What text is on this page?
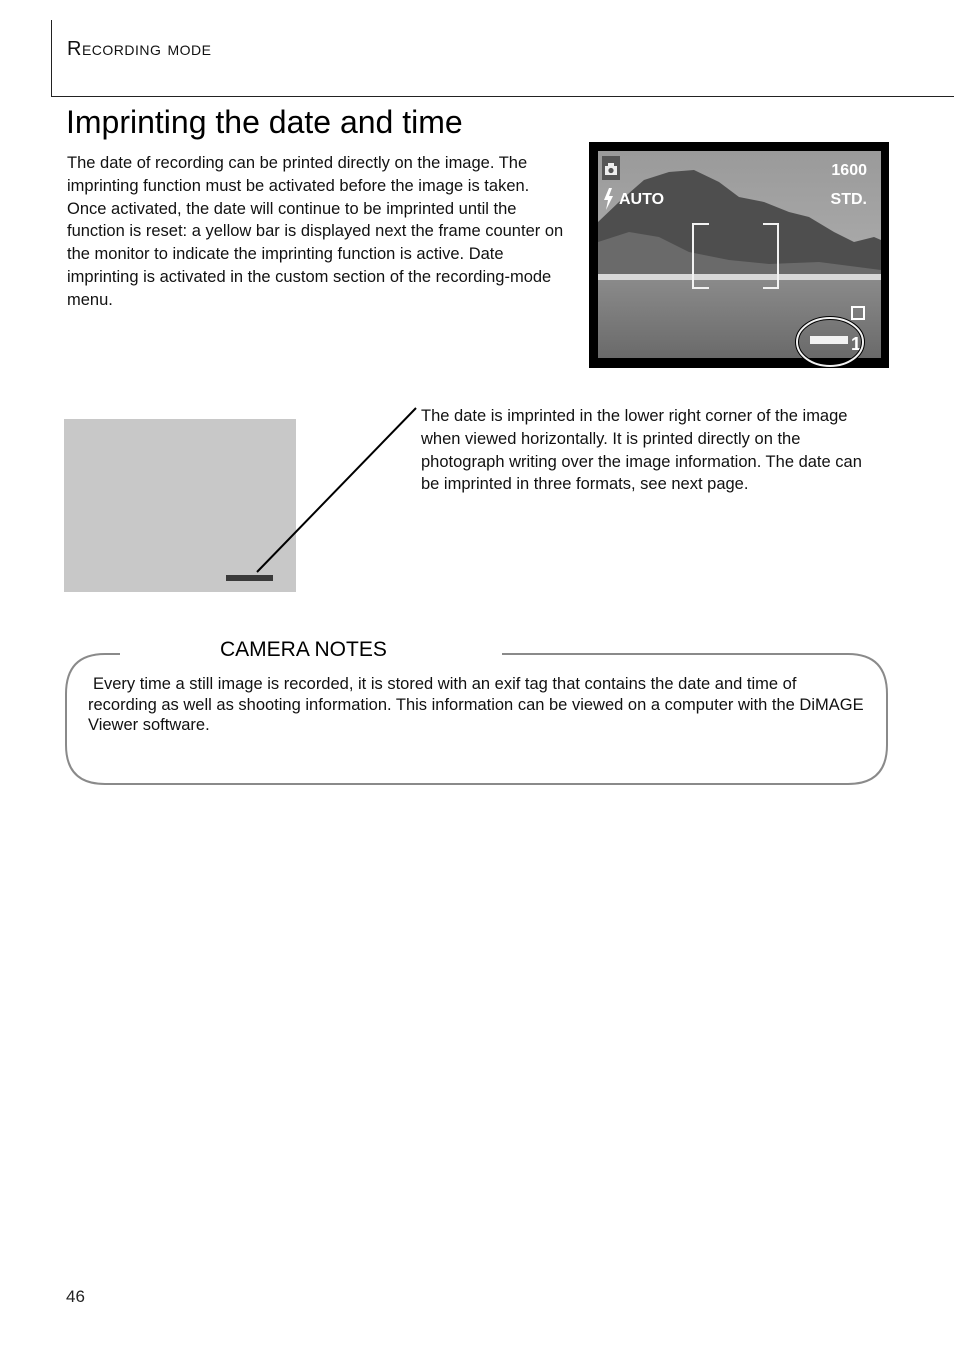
Recording mode
Imprinting the date and time
The date of recording can be printed directly on the image. The imprinting function must be activated before the image is taken. Once activated, the date will continue to be imprinted until the function is reset: a yellow bar is displayed next the frame counter on the monitor to indicate the imprinting function is active. Date imprinting is activated in the custom section of the recording-mode menu.
AUTO
1600
STD.
1
The date is imprinted in the lower right corner of the image when viewed horizontally. It is printed directly on the photograph writing over the image information. The date can be imprinted in three formats, see next page.
CAMERA NOTES
Every time a still image is recorded, it is stored with an exif tag that contains the date and time of recording as well as shooting information. This information can be viewed on a computer with the DiMAGE Viewer software.
46
